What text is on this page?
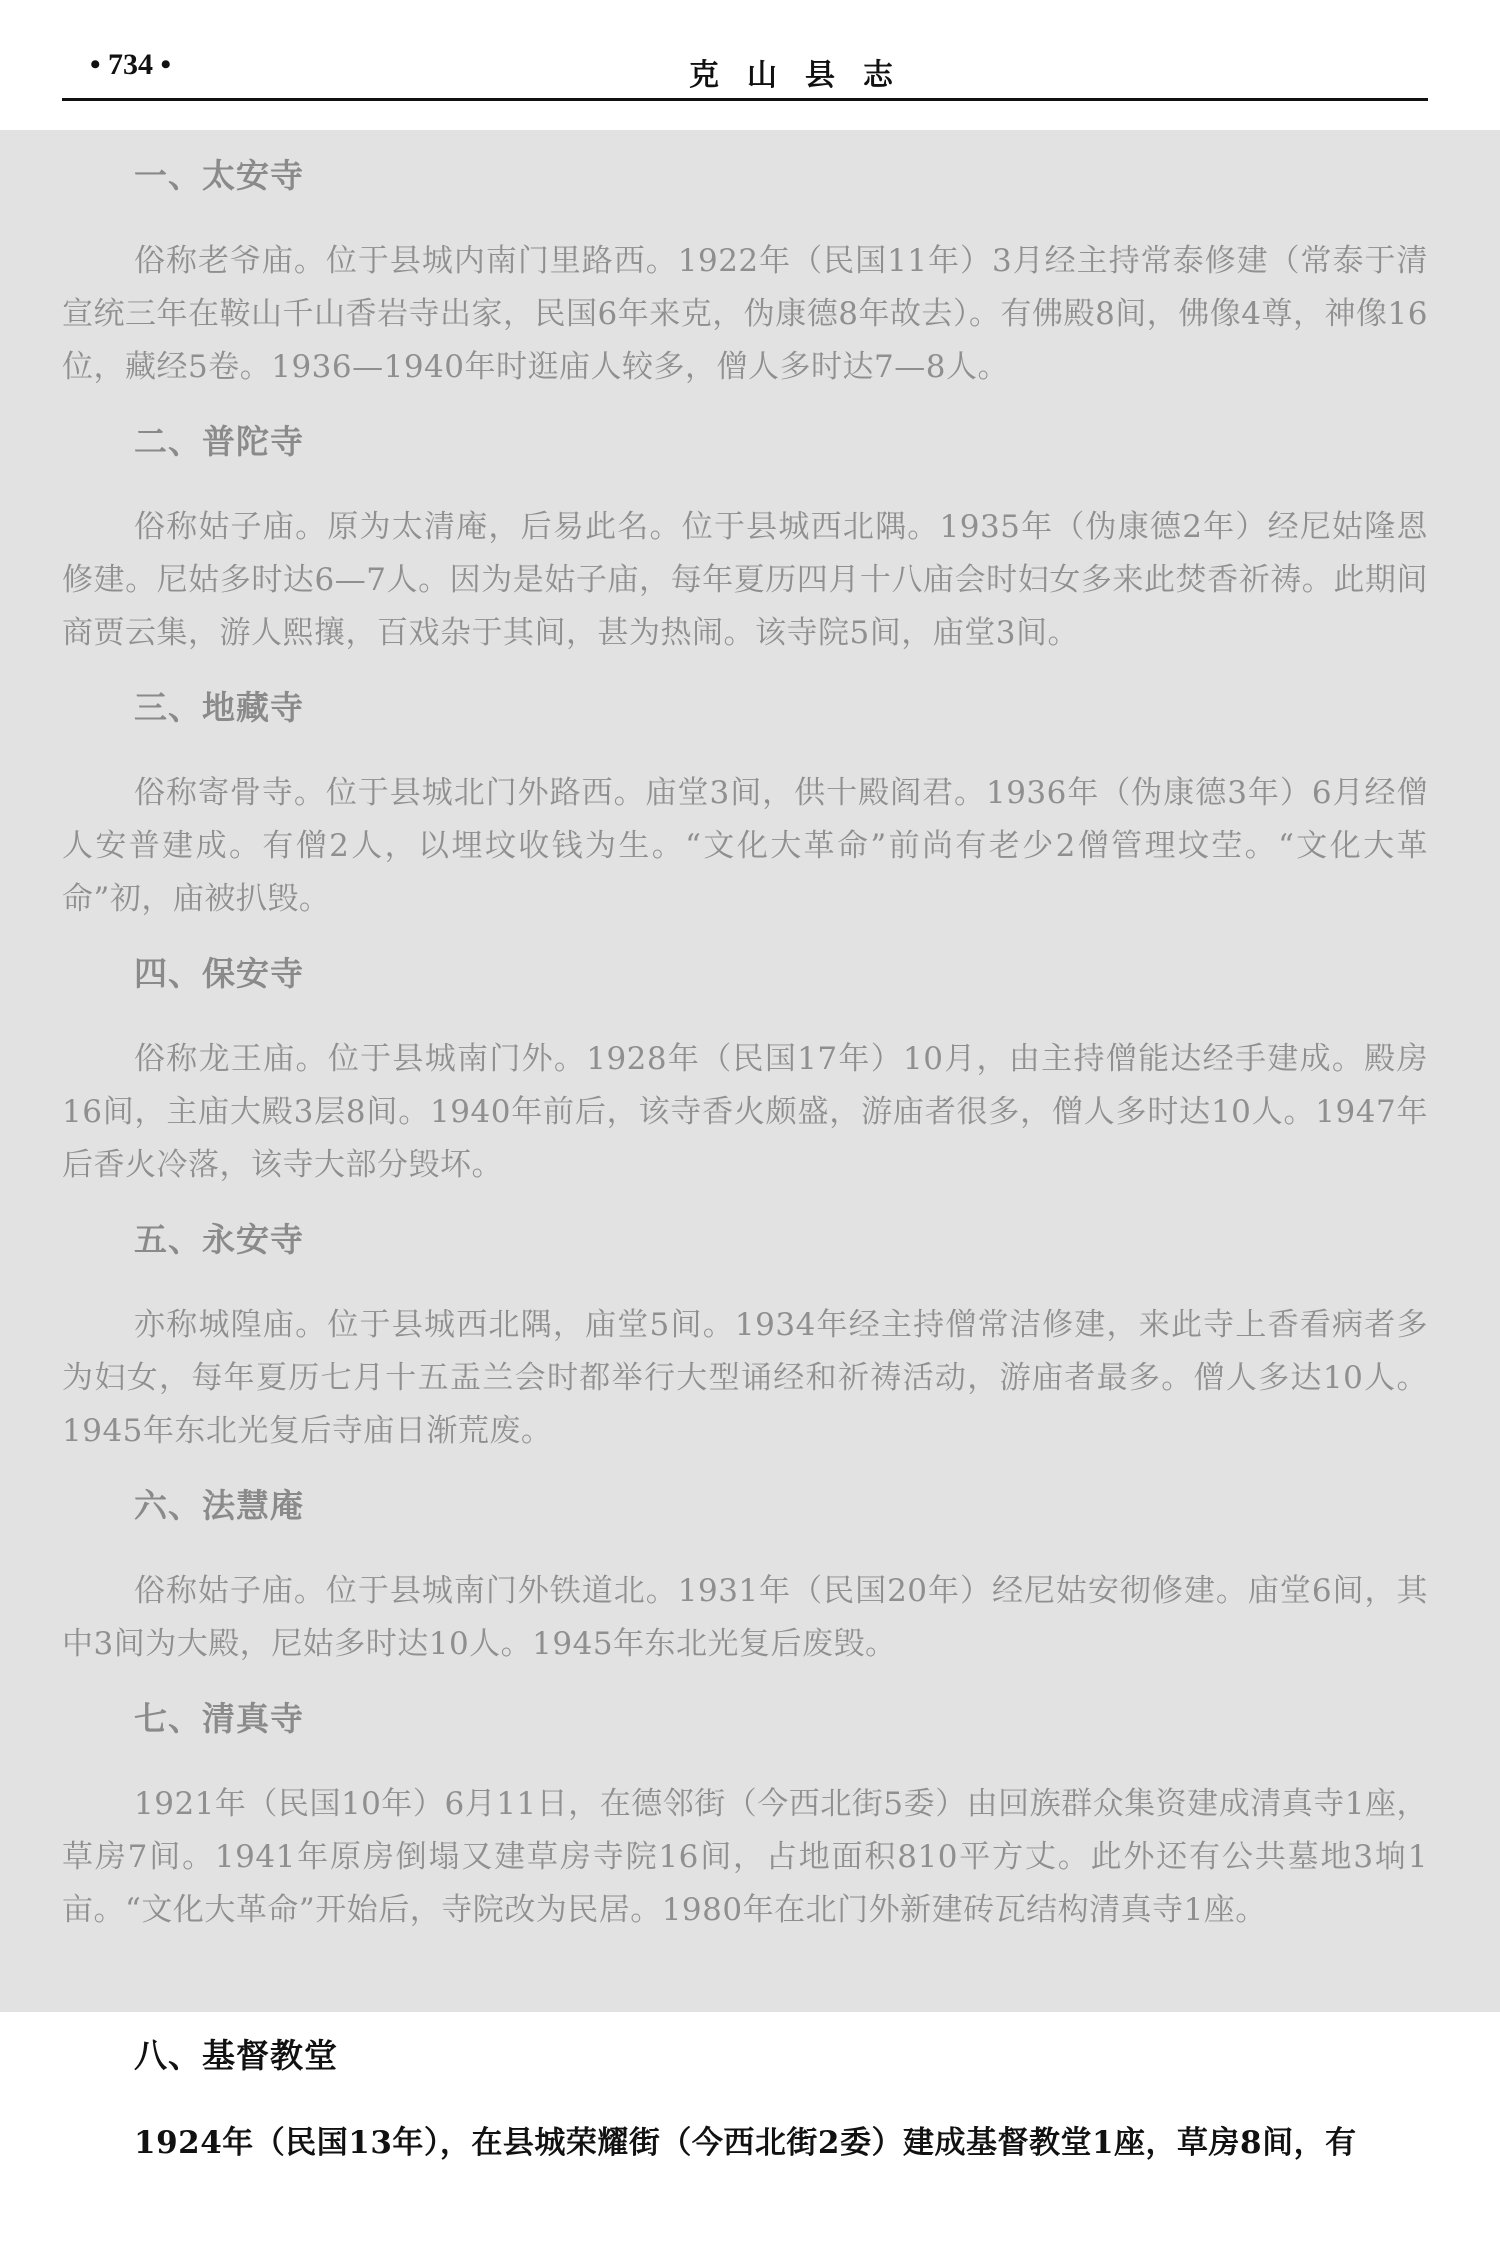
• 734 •	克山县志
一、太安寺

俗称老爷庙。位于县城内南门里路西。1922年（民国11年）3月经主持常泰修建（常泰于清宣统三年在鞍山千山香岩寺出家，民国6年来克，伪康德8年故去）。有佛殿8间，佛像4尊，神像16位，藏经5卷。1936—1940年时逛庙人较多，僧人多时达7—8人。

二、普陀寺

俗称姑子庙。原为太清庵，后易此名。位于县城西北隅。1935年（伪康德2年）经尼姑隆恩修建。尼姑多时达6—7人。因为是姑子庙，每年夏历四月十八庙会时妇女多来此焚香祈祷。此期间商贾云集，游人熙攘，百戏杂于其间，甚为热闹。该寺院5间，庙堂3间。

三、地藏寺

俗称寄骨寺。位于县城北门外路西。庙堂3间，供十殿阎君。1936年（伪康德3年）6月经僧人安普建成。有僧2人，以埋坟收钱为生。“文化大革命”前尚有老少2僧管理坟茔。“文化大革命”初，庙被扒毁。

四、保安寺

俗称龙王庙。位于县城南门外。1928年（民国17年）10月，由主持僧能达经手建成。殿房16间，主庙大殿3层8间。1940年前后，该寺香火颇盛，游庙者很多，僧人多时达10人。1947年后香火冷落，该寺大部分毁坏。

五、永安寺

亦称城隍庙。位于县城西北隅，庙堂5间。1934年经主持僧常洁修建，来此寺上香看病者多为妇女，每年夏历七月十五盂兰会时都举行大型诵经和祈祷活动，游庙者最多。僧人多达10人。1945年东北光复后寺庙日渐荒废。

六、法慧庵

俗称姑子庙。位于县城南门外铁道北。1931年（民国20年）经尼姑安彻修建。庙堂6间，其中3间为大殿，尼姑多时达10人。1945年东北光复后废毁。

七、清真寺

1921年（民国10年）6月11日，在德邻街（今西北街5委）由回族群众集资建成清真寺1座，草房7间。1941年原房倒塌又建草房寺院16间，占地面积810平方丈。此外还有公共墓地3垧1亩。“文化大革命”开始后，寺院改为民居。1980年在北门外新建砖瓦结构清真寺1座。

八、基督教堂

1924年（民国13年），在县城荣耀街（今西北街2委）建成基督教堂1座，草房8间，有
